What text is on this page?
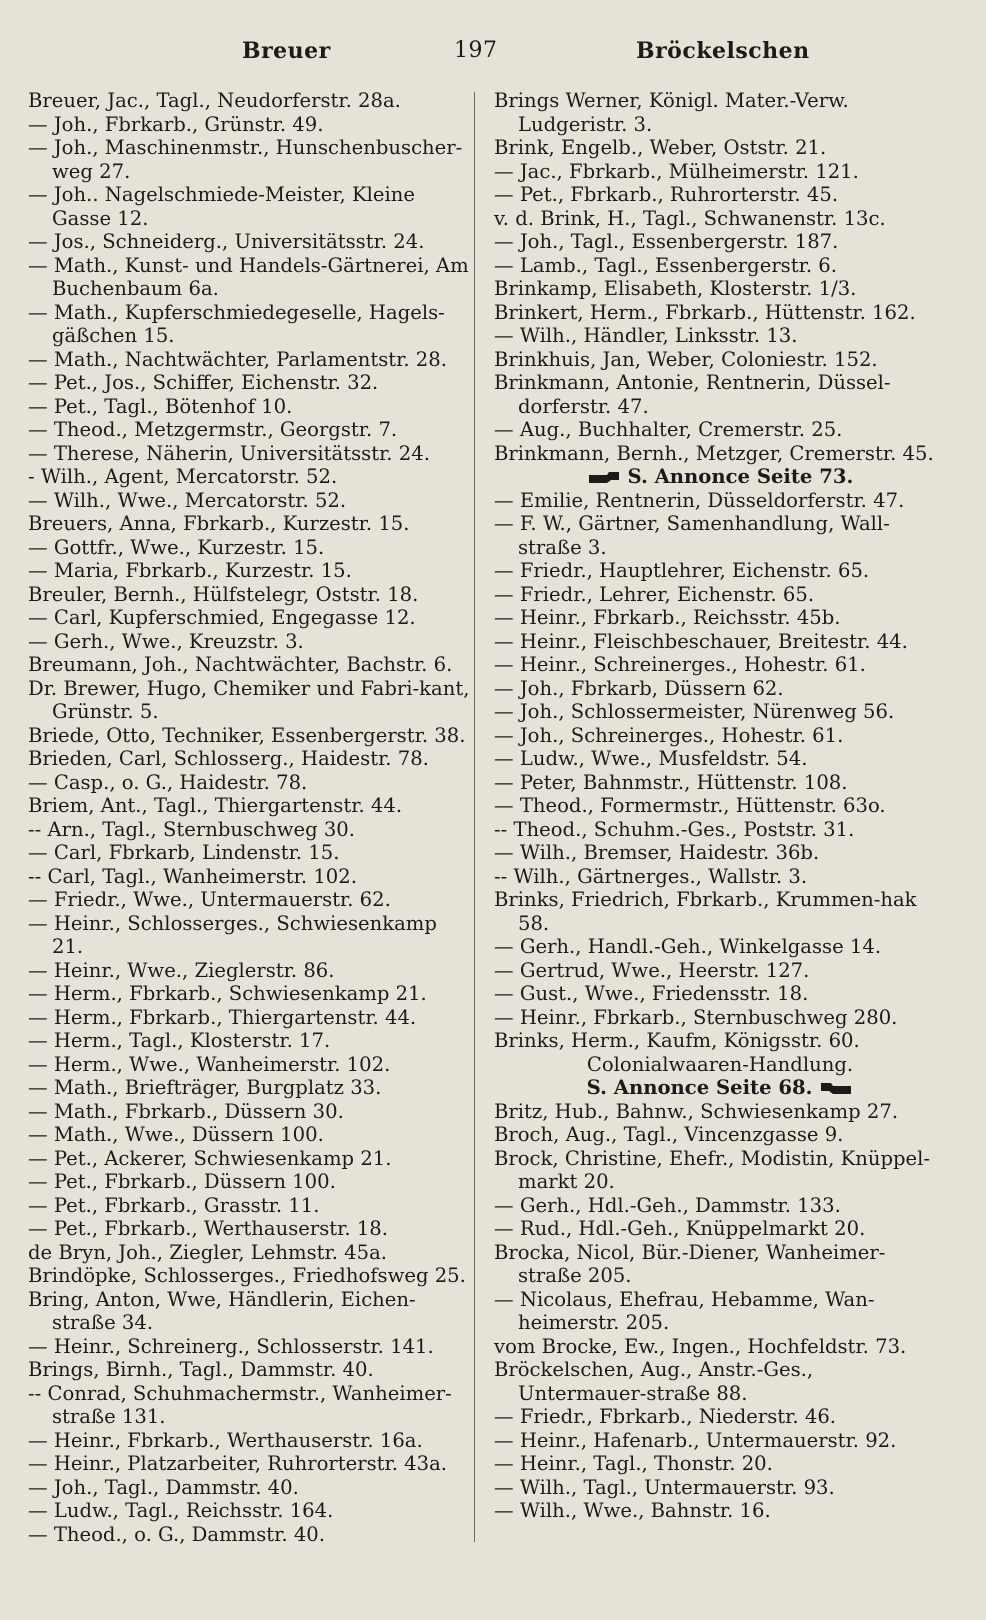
Breuer	197	Bröckelschen
Breuer, Jac., Tagl., Neudorferstr. 28a.
— Joh., Fbrkarb., Grünstr. 49.
— Joh., Maschinenmstr., Hunschenbuscher-weg 27.
— Joh.. Nagelschmiede-Meister, Kleine Gasse 12.
— Jos., Schneiderg., Universitätsstr. 24.
— Math., Kunst- und Handels-Gärtnerei, Am Buchenbaum 6a.
— Math., Kupferschmiedegeselle, Hagels-gäßchen 15.
— Math., Nachtwächter, Parlamentstr. 28.
— Pet., Jos., Schiffer, Eichenstr. 32.
— Pet., Tagl., Bötenhof 10.
— Theod., Metzgermstr., Georgstr. 7.
— Therese, Näherin, Universitätsstr. 24.
- Wilh., Agent, Mercatorstr. 52.
— Wilh., Wwe., Mercatorstr. 52.
Breuers, Anna, Fbrkarb., Kurzestr. 15.
— Gottfr., Wwe., Kurzestr. 15.
— Maria, Fbrkarb., Kurzestr. 15.
Breuler, Bernh., Hülfstelegr, Oststr. 18.
— Carl, Kupferschmied, Engegasse 12.
— Gerh., Wwe., Kreuzstr. 3.
Breumann, Joh., Nachtwächter, Bachstr. 6.
Dr. Brewer, Hugo, Chemiker und Fabri-kant, Grünstr. 5.
Briede, Otto, Techniker, Essenbergerstr. 38.
Brieden, Carl, Schlosserg., Haidestr. 78.
— Casp., o. G., Haidestr. 78.
Briem, Ant., Tagl., Thiergartenstr. 44.
-- Arn., Tagl., Sternbuschweg 30.
— Carl, Fbrkarb, Lindenstr. 15.
-- Carl, Tagl., Wanheimerstr. 102.
— Friedr., Wwe., Untermauerstr. 62.
— Heinr., Schlosserges., Schwiesenkamp 21.
— Heinr., Wwe., Zieglerstr. 86.
— Herm., Fbrkarb., Schwiesenkamp 21.
— Herm., Fbrkarb., Thiergartenstr. 44.
— Herm., Tagl., Klosterstr. 17.
— Herm., Wwe., Wanheimerstr. 102.
— Math., Briefträger, Burgplatz 33.
— Math., Fbrkarb., Düssern 30.
— Math., Wwe., Düssern 100.
— Pet., Ackerer, Schwiesenkamp 21.
— Pet., Fbrkarb., Düssern 100.
— Pet., Fbrkarb., Grasstr. 11.
— Pet., Fbrkarb., Werthauserstr. 18.
de Bryn, Joh., Ziegler, Lehmstr. 45a.
Brindöpke, Schlosserges., Friedhofsweg 25.
Bring, Anton, Wwe, Händlerin, Eichen-straße 34.
— Heinr., Schreinerg., Schlosserstr. 141.
Brings, Birnh., Tagl., Dammstr. 40.
-- Conrad, Schuhmachermstr., Wanheimer-straße 131.
— Heinr., Fbrkarb., Werthauserstr. 16a.
— Heinr., Platzarbeiter, Ruhrorterstr. 43a.
— Joh., Tagl., Dammstr. 40.
— Ludw., Tagl., Reichsstr. 164.
— Theod., o. G., Dammstr. 40.
Brings Werner, Königl. Mater.-Verw. Ludgeristr. 3.
Brink, Engelb., Weber, Oststr. 21.
— Jac., Fbrkarb., Mülheimerstr. 121.
— Pet., Fbrkarb., Ruhrorterstr. 45.
v. d. Brink, H., Tagl., Schwanenstr. 13c.
— Joh., Tagl., Essenbergerstr. 187.
— Lamb., Tagl., Essenbergerstr. 6.
Brinkamp, Elisabeth, Klosterstr. 1/3.
Brinkert, Herm., Fbrkarb., Hüttenstr. 162.
— Wilh., Händler, Linksstr. 13.
Brinkhuis, Jan, Weber, Coloniestr. 152.
Brinkmann, Antonie, Rentnerin, Düssel-dorferstr. 47.
— Aug., Buchhalter, Cremerstr. 25.
Brinkmann, Bernh., Metzger, Cremerstr. 45.
S. Annonce Seite 73.
— Emilie, Rentnerin, Düsseldorferstr. 47.
— F. W., Gärtner, Samenhandlung, Wall-straße 3.
— Friedr., Hauptlehrer, Eichenstr. 65.
— Friedr., Lehrer, Eichenstr. 65.
— Heinr., Fbrkarb., Reichsstr. 45b.
— Heinr., Fleischbeschauer, Breitestr. 44.
— Heinr., Schreinerges., Hohestr. 61.
— Joh., Fbrkarb, Düssern 62.
— Joh., Schlossermeister, Nürenweg 56.
— Joh., Schreinerges., Hohestr. 61.
— Ludw., Wwe., Musfeldstr. 54.
— Peter, Bahnmstr., Hüttenstr. 108.
— Theod., Formermstr., Hüttenstr. 63o.
-- Theod., Schuhm.-Ges., Poststr. 31.
— Wilh., Bremser, Haidestr. 36b.
-- Wilh., Gärtnerges., Wallstr. 3.
Brinks, Friedrich, Fbrkarb., Krummen-hak 58.
— Gerh., Handl.-Geh., Winkelgasse 14.
— Gertrud, Wwe., Heerstr. 127.
— Gust., Wwe., Friedensstr. 18.
— Heinr., Fbrkarb., Sternbuschweg 280.
Brinks, Herm., Kaufm, Königsstr. 60.
Colonialwaaren-Handlung.
S. Annonce Seite 68.
Britz, Hub., Bahnw., Schwiesenkamp 27.
Broch, Aug., Tagl., Vincenzgasse 9.
Brock, Christine, Ehefr., Modistin, Knüppel-markt 20.
— Gerh., Hdl.-Geh., Dammstr. 133.
— Rud., Hdl.-Geh., Knüppelmarkt 20.
Brocka, Nicol, Bür.-Diener, Wanheimer-straße 205.
— Nicolaus, Ehefrau, Hebamme, Wan-heimerstr. 205.
vom Brocke, Ew., Ingen., Hochfeldstr. 73.
Bröckelschen, Aug., Anstr.-Ges., Untermauer-straße 88.
— Friedr., Fbrkarb., Niederstr. 46.
— Heinr., Hafenarb., Untermauerstr. 92.
— Heinr., Tagl., Thonstr. 20.
— Wilh., Tagl., Untermauerstr. 93.
— Wilh., Wwe., Bahnstr. 16.
